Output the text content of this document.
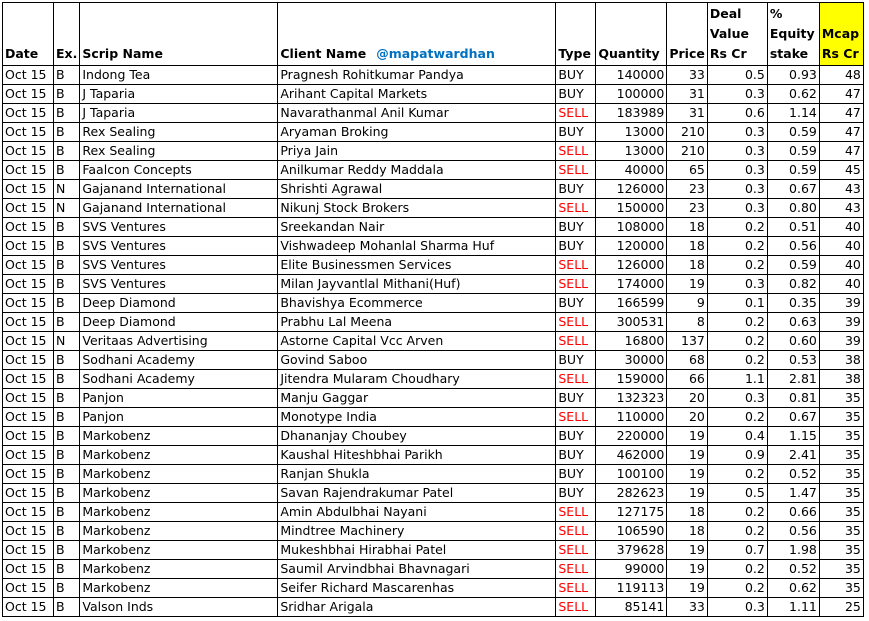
Date	Ex.	Scrip Name	Client Name @mapatwardhan	Type	Quantity	Price	Deal Value Rs Cr	% Equity stake	Mcap Rs Cr
Oct 15	B	Indong Tea	Pragnesh Rohitkumar Pandya	BUY	140000	33	0.5	0.93	48
Oct 15	B	J Taparia	Arihant Capital Markets	BUY	100000	31	0.3	0.62	47
Oct 15	B	J Taparia	Navarathanmal Anil Kumar	SELL	183989	31	0.6	1.14	47
Oct 15	B	Rex Sealing	Aryaman Broking	BUY	13000	210	0.3	0.59	47
Oct 15	B	Rex Sealing	Priya Jain	SELL	13000	210	0.3	0.59	47
Oct 15	B	Faalcon Concepts	Anilkumar Reddy Maddala	SELL	40000	65	0.3	0.59	45
Oct 15	N	Gajanand International	Shrishti Agrawal	BUY	126000	23	0.3	0.67	43
Oct 15	N	Gajanand International	Nikunj Stock Brokers	SELL	150000	23	0.3	0.80	43
Oct 15	B	SVS Ventures	Sreekandan Nair	BUY	108000	18	0.2	0.51	40
Oct 15	B	SVS Ventures	Vishwadeep Mohanlal Sharma Huf	BUY	120000	18	0.2	0.56	40
Oct 15	B	SVS Ventures	Elite Businessmen Services	SELL	126000	18	0.2	0.59	40
Oct 15	B	SVS Ventures	Milan Jayvantlal Mithani(Huf)	SELL	174000	19	0.3	0.82	40
Oct 15	B	Deep Diamond	Bhavishya Ecommerce	BUY	166599	9	0.1	0.35	39
Oct 15	B	Deep Diamond	Prabhu Lal Meena	SELL	300531	8	0.2	0.63	39
Oct 15	N	Veritaas Advertising	Astorne Capital Vcc Arven	SELL	16800	137	0.2	0.60	39
Oct 15	B	Sodhani Academy	Govind Saboo	BUY	30000	68	0.2	0.53	38
Oct 15	B	Sodhani Academy	Jitendra Mularam Choudhary	SELL	159000	66	1.1	2.81	38
Oct 15	B	Panjon	Manju Gaggar	BUY	132323	20	0.3	0.81	35
Oct 15	B	Panjon	Monotype India	SELL	110000	20	0.2	0.67	35
Oct 15	B	Markobenz	Dhananjay Choubey	BUY	220000	19	0.4	1.15	35
Oct 15	B	Markobenz	Kaushal Hiteshbhai Parikh	BUY	462000	19	0.9	2.41	35
Oct 15	B	Markobenz	Ranjan Shukla	BUY	100100	19	0.2	0.52	35
Oct 15	B	Markobenz	Savan Rajendrakumar Patel	BUY	282623	19	0.5	1.47	35
Oct 15	B	Markobenz	Amin Abdulbhai Nayani	SELL	127175	18	0.2	0.66	35
Oct 15	B	Markobenz	Mindtree Machinery	SELL	106590	18	0.2	0.56	35
Oct 15	B	Markobenz	Mukeshbhai Hirabhai Patel	SELL	379628	19	0.7	1.98	35
Oct 15	B	Markobenz	Saumil Arvindbhai Bhavnagari	SELL	99000	19	0.2	0.52	35
Oct 15	B	Markobenz	Seifer Richard Mascarenhas	SELL	119113	19	0.2	0.62	35
Oct 15	B	Valson Inds	Sridhar Arigala	SELL	85141	33	0.3	1.11	25
